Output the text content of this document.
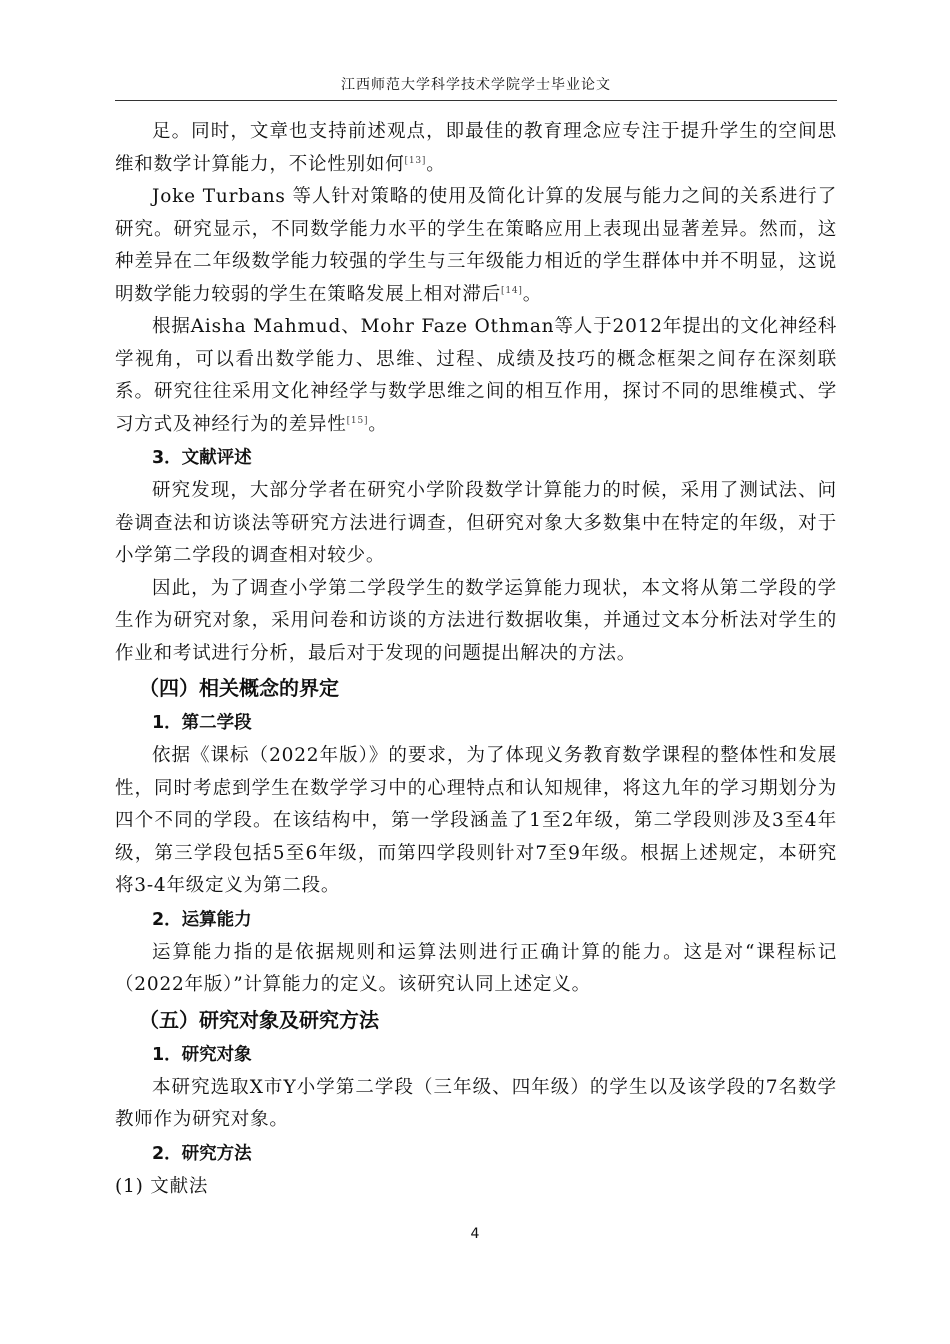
江西师范大学科学技术学院学士毕业论文

足。同时，文章也支持前述观点，即最佳的教育理念应专注于提升学生的空间思维和数学计算能力，不论性别如何[13]。

Joke Turbans 等人针对策略的使用及简化计算的发展与能力之间的关系进行了研究。研究显示，不同数学能力水平的学生在策略应用上表现出显著差异。然而，这种差异在二年级数学能力较强的学生与三年级能力相近的学生群体中并不明显，这说明数学能力较弱的学生在策略发展上相对滞后[14]。

根据Aisha Mahmud、Mohr Faze Othman等人于2012年提出的文化神经科学视角，可以看出数学能力、思维、过程、成绩及技巧的概念框架之间存在深刻联系。研究往往采用文化神经学与数学思维之间的相互作用，探讨不同的思维模式、学习方式及神经行为的差异性[15]。

3．文献评述

研究发现，大部分学者在研究小学阶段数学计算能力的时候，采用了测试法、问卷调查法和访谈法等研究方法进行调查，但研究对象大多数集中在特定的年级，对于小学第二学段的调查相对较少。

因此，为了调查小学第二学段学生的数学运算能力现状，本文将从第二学段的学生作为研究对象，采用问卷和访谈的方法进行数据收集，并通过文本分析法对学生的作业和考试进行分析，最后对于发现的问题提出解决的方法。

（四）相关概念的界定

1．第二学段

依据《课标（2022年版）》的要求，为了体现义务教育数学课程的整体性和发展性，同时考虑到学生在数学学习中的心理特点和认知规律，将这九年的学习期划分为四个不同的学段。在该结构中，第一学段涵盖了1至2年级，第二学段则涉及3至4年级，第三学段包括5至6年级，而第四学段则针对7至9年级。根据上述规定，本研究将3-4年级定义为第二段。

2．运算能力

运算能力指的是依据规则和运算法则进行正确计算的能力。这是对“课程标记（2022年版）”计算能力的定义。该研究认同上述定义。

（五）研究对象及研究方法

1．研究对象

本研究选取X市Y小学第二学段（三年级、四年级）的学生以及该学段的7名数学教师作为研究对象。

2．研究方法

(1) 文献法

4
